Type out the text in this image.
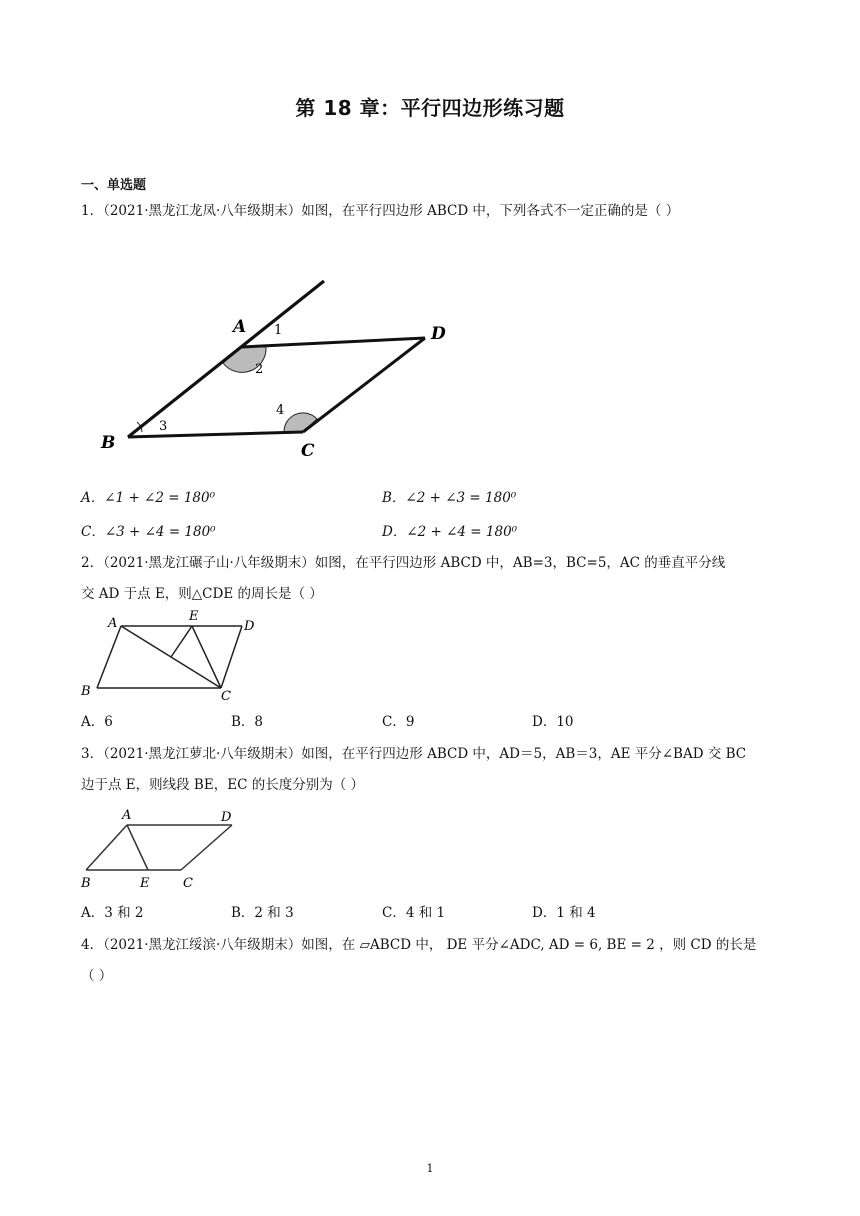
第 18 章：平行四边形练习题
一、单选题
1．（2021·黑龙江龙凤·八年级期末）如图，在平行四边形 ABCD 中，下列各式不一定正确的是（ ）
A
B	C
D
1
2
3
4
A．∠1 + ∠2 = 180⁰	B．∠2 + ∠3 = 180⁰
C．∠3 + ∠4 = 180⁰	D．∠2 + ∠4 = 180⁰
2．（2021·黑龙江碾子山·八年级期末）如图，在平行四边形 ABCD 中，AB=3，BC=5，AC 的垂直平分线
交 AD 于点 E，则△CDE 的周长是（ ）
A
B	C
D
E
A．6	B．8	C．9	D．10
3．（2021·黑龙江萝北·八年级期末）如图，在平行四边形 ABCD 中，AD＝5，AB＝3，AE 平分∠BAD 交 BC
边于点 E，则线段 BE，EC 的长度分别为（ ）
A
B	C
D
E
A．3 和 2	B．2 和 3	C．4 和 1	D．1 和 4
4．（2021·黑龙江绥滨·八年级期末）如图，在 ▱ABCD 中， DE 平分∠ADC, AD = 6, BE = 2 ，则 CD 的长是
（ ）
1
